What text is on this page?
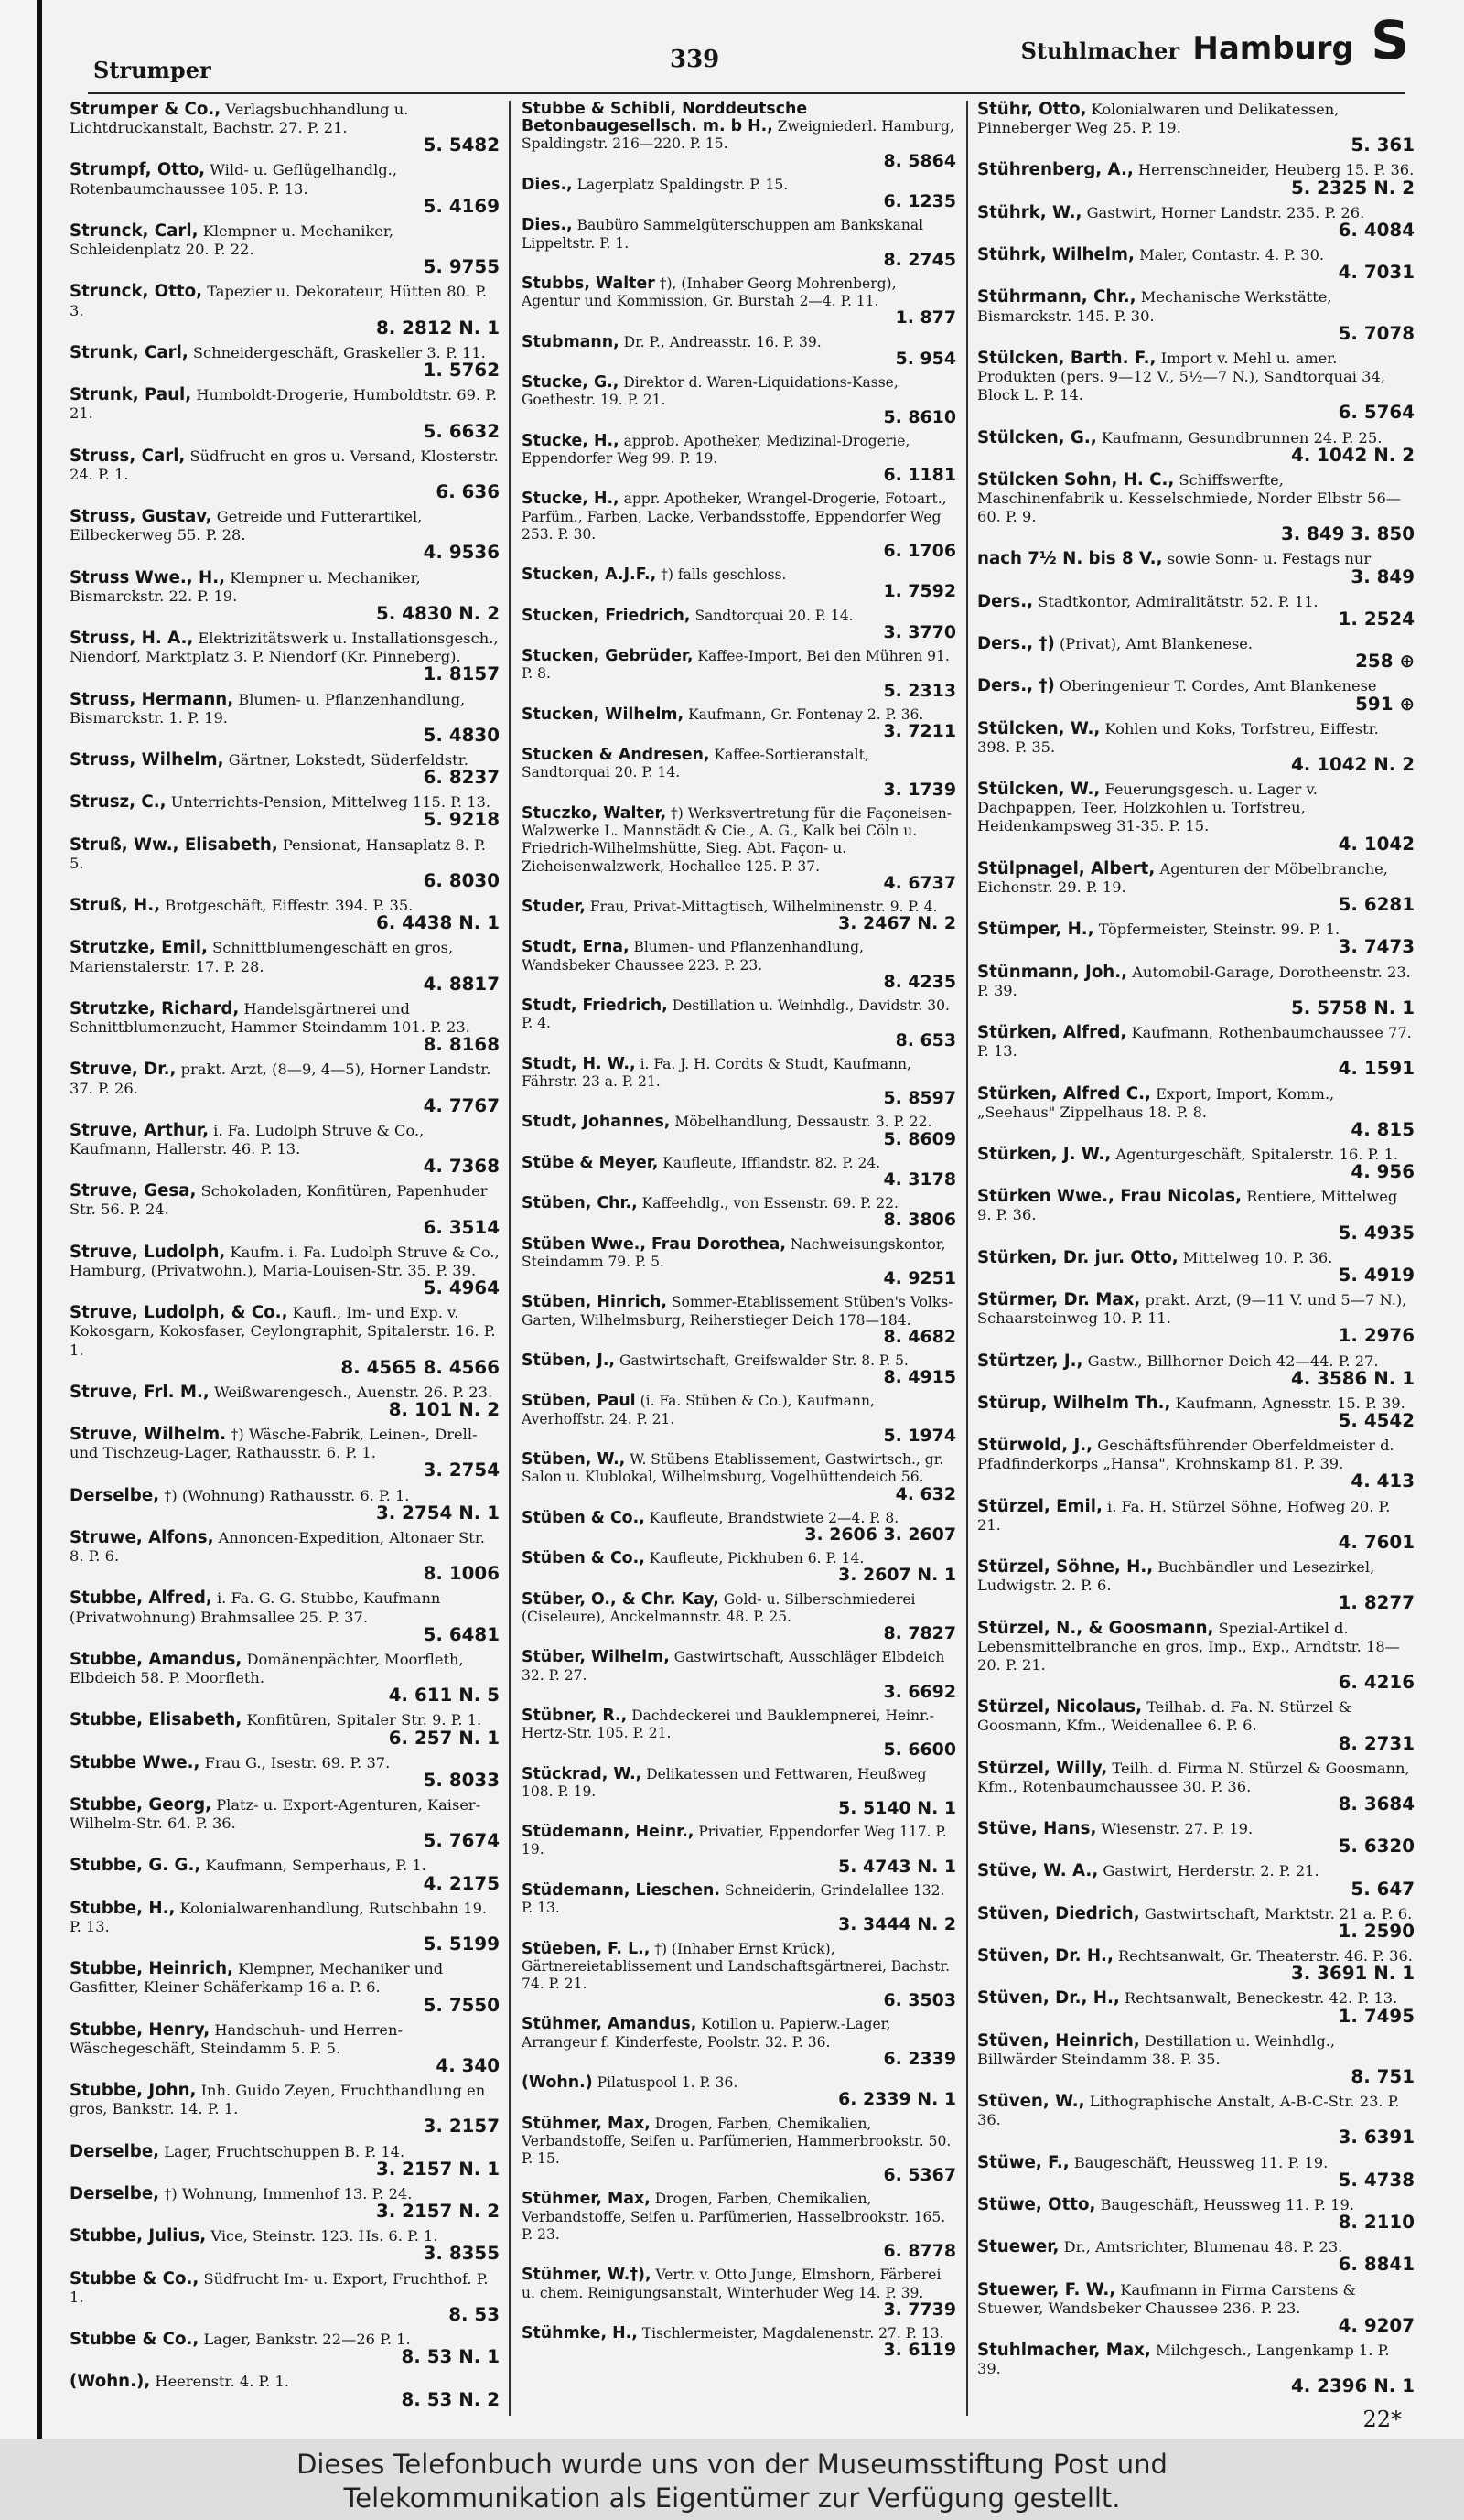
Strumper	339	Stuhlmacher Hamburg S
Strumper & Co., Verlagsbuchhandlung u. Lichtdruckanstalt, Bachstr. 27. P. 21.
5. 5482
Strumpf, Otto, Wild- u. Geflügelhandlg., Rotenbaumchaussee 105. P. 13.
5. 4169
Strunck, Carl, Klempner u. Mechaniker, Schleidenplatz 20. P. 22.
5. 9755
Strunck, Otto, Tapezier u. Dekorateur, Hütten 80. P. 3.
8. 2812 N. 1
Strunk, Carl, Schneidergeschäft, Graskeller 3. P. 11.
1. 5762
Strunk, Paul, Humboldt-Drogerie, Humboldtstr. 69. P. 21.
5. 6632
Struss, Carl, Südfrucht en gros u. Versand, Klosterstr. 24. P. 1.
6. 636
Struss, Gustav, Getreide und Futterartikel, Eilbeckerweg 55. P. 28.
4. 9536
Struss Wwe., H., Klempner u. Mechaniker, Bismarckstr. 22. P. 19.
5. 4830 N. 2
Struss, H. A., Elektrizitätswerk u. Installationsgesch., Niendorf, Marktplatz 3. P. Niendorf (Kr. Pinneberg).
1. 8157
Struss, Hermann, Blumen- u. Pflanzenhandlung, Bismarckstr. 1. P. 19.
5. 4830
Struss, Wilhelm, Gärtner, Lokstedt, Süderfeldstr.
6. 8237
Strusz, C., Unterrichts-Pension, Mittelweg 115. P. 13.
5. 9218
Struß, Ww., Elisabeth, Pensionat, Hansaplatz 8. P. 5.
6. 8030
Struß, H., Brotgeschäft, Eiffestr. 394. P. 35.
6. 4438 N. 1
Strutzke, Emil, Schnittblumengeschäft en gros, Marienstalerstr. 17. P. 28.
4. 8817
Strutzke, Richard, Handelsgärtnerei und Schnittblumenzucht, Hammer Steindamm 101. P. 23.
8. 8168
Struve, Dr., prakt. Arzt, (8—9, 4—5), Horner Landstr. 37. P. 26.
4. 7767
Struve, Arthur, i. Fa. Ludolph Struve & Co., Kaufmann, Hallerstr. 46. P. 13.
4. 7368
Struve, Gesa, Schokoladen, Konfitüren, Papenhuder Str. 56. P. 24.
6. 3514
Struve, Ludolph, Kaufm. i. Fa. Ludolph Struve & Co., Hamburg, (Privatwohn.), Maria-Louisen-Str. 35. P. 39.
5. 4964
Struve, Ludolph, & Co., Kaufl., Im- und Exp. v. Kokosgarn, Kokosfaser, Ceylongraphit, Spitalerstr. 16. P. 1.
8. 4565 8. 4566
Struve, Frl. M., Weißwarengesch., Auenstr. 26. P. 23.
8. 101 N. 2
Struve, Wilhelm. †) Wäsche-Fabrik, Leinen-, Drell- und Tischzeug-Lager, Rathausstr. 6. P. 1.
3. 2754
Derselbe, †) (Wohnung) Rathausstr. 6. P. 1.
3. 2754 N. 1
Struwe, Alfons, Annoncen-Expedition, Altonaer Str. 8. P. 6.
8. 1006
Stubbe, Alfred, i. Fa. G. G. Stubbe, Kaufmann (Privatwohnung) Brahmsallee 25. P. 37.
5. 6481
Stubbe, Amandus, Domänenpächter, Moorfleth, Elbdeich 58. P. Moorfleth.
4. 611 N. 5
Stubbe, Elisabeth, Konfitüren, Spitaler Str. 9. P. 1.
6. 257 N. 1
Stubbe Wwe., Frau G., Isestr. 69. P. 37.
5. 8033
Stubbe, Georg, Platz- u. Export-Agenturen, Kaiser-Wilhelm-Str. 64. P. 36.
5. 7674
Stubbe, G. G., Kaufmann, Semperhaus, P. 1.
4. 2175
Stubbe, H., Kolonialwarenhandlung, Rutschbahn 19. P. 13.
5. 5199
Stubbe, Heinrich, Klempner, Mechaniker und Gasfitter, Kleiner Schäferkamp 16 a. P. 6.
5. 7550
Stubbe, Henry, Handschuh- und Herren-Wäschegeschäft, Steindamm 5. P. 5.
4. 340
Stubbe, John, Inh. Guido Zeyen, Fruchthandlung en gros, Bankstr. 14. P. 1.
3. 2157
Derselbe, Lager, Fruchtschuppen B. P. 14.
3. 2157 N. 1
Derselbe, †) Wohnung, Immenhof 13. P. 24.
3. 2157 N. 2
Stubbe, Julius, Vice, Steinstr. 123. Hs. 6. P. 1.
3. 8355
Stubbe & Co., Südfrucht Im- u. Export, Fruchthof. P. 1.
8. 53
Stubbe & Co., Lager, Bankstr. 22—26 P. 1.
8. 53 N. 1
(Wohn.), Heerenstr. 4. P. 1.
8. 53 N. 2
Stubbe & Schibli, Norddeutsche Betonbaugesellsch. m. b H., Zweigniederl. Hamburg, Spaldingstr. 216—220. P. 15.
8. 5864
Dies., Lagerplatz Spaldingstr. P. 15.
6. 1235
Dies., Baubüro Sammelgüterschuppen am Bankskanal Lippeltstr. P. 1.
8. 2745
Stubbs, Walter †), (Inhaber Georg Mohrenberg), Agentur und Kommission, Gr. Burstah 2—4. P. 11.
1. 877
Stubmann, Dr. P., Andreasstr. 16. P. 39.
5. 954
Stucke, G., Direktor d. Waren-Liquidations-Kasse, Goethestr. 19. P. 21.
5. 8610
Stucke, H., approb. Apotheker, Medizinal-Drogerie, Eppendorfer Weg 99. P. 19.
6. 1181
Stucke, H., appr. Apotheker, Wrangel-Drogerie, Fotoart., Parfüm., Farben, Lacke, Verbandsstoffe, Eppendorfer Weg 253. P. 30.
6. 1706
Stucken, A.J.F., †) falls geschloss.
1. 7592
Stucken, Friedrich, Sandtorquai 20. P. 14.
3. 3770
Stucken, Gebrüder, Kaffee-Import, Bei den Mühren 91. P. 8.
5. 2313
Stucken, Wilhelm, Kaufmann, Gr. Fontenay 2. P. 36.
3. 7211
Stucken & Andresen, Kaffee-Sortieranstalt, Sandtorquai 20. P. 14.
3. 1739
Stuczko, Walter, †) Werksvertretung für die Façoneisen-Walzwerke L. Mannstädt & Cie., A. G., Kalk bei Cöln u. Friedrich-Wilhelmshütte, Sieg. Abt. Façon- u. Zieheisenwalzwerk, Hochallee 125. P. 37.
4. 6737
Studer, Frau, Privat-Mittagtisch, Wilhelminenstr. 9. P. 4.
3. 2467 N. 2
Studt, Erna, Blumen- und Pflanzenhandlung, Wandsbeker Chaussee 223. P. 23.
8. 4235
Studt, Friedrich, Destillation u. Weinhdlg., Davidstr. 30. P. 4.
8. 653
Studt, H. W., i. Fa. J. H. Cordts & Studt, Kaufmann, Fährstr. 23 a. P. 21.
5. 8597
Studt, Johannes, Möbelhandlung, Dessaustr. 3. P. 22.
5. 8609
Stübe & Meyer, Kaufleute, Ifflandstr. 82. P. 24.
4. 3178
Stüben, Chr., Kaffeehdlg., von Essenstr. 69. P. 22.
8. 3806
Stüben Wwe., Frau Dorothea, Nachweisungskontor, Steindamm 79. P. 5.
4. 9251
Stüben, Hinrich, Sommer-Etablissement Stüben's Volks-Garten, Wilhelmsburg, Reiherstieger Deich 178—184.
8. 4682
Stüben, J., Gastwirtschaft, Greifswalder Str. 8. P. 5.
8. 4915
Stüben, Paul (i. Fa. Stüben & Co.), Kaufmann, Averhoffstr. 24. P. 21.
5. 1974
Stüben, W., W. Stübens Etablissement, Gastwirtsch., gr. Salon u. Klublokal, Wilhelmsburg, Vogelhüttendeich 56.
4. 632
Stüben & Co., Kaufleute, Brandstwiete 2—4. P. 8.
3. 2606 3. 2607
Stüben & Co., Kaufleute, Pickhuben 6. P. 14.
3. 2607 N. 1
Stüber, O., & Chr. Kay, Gold- u. Silberschmiederei (Ciseleure), Anckelmannstr. 48. P. 25.
8. 7827
Stüber, Wilhelm, Gastwirtschaft, Ausschläger Elbdeich 32. P. 27.
3. 6692
Stübner, R., Dachdeckerei und Bauklempnerei, Heinr.-Hertz-Str. 105. P. 21.
5. 6600
Stückrad, W., Delikatessen und Fettwaren, Heußweg 108. P. 19.
5. 5140 N. 1
Stüdemann, Heinr., Privatier, Eppendorfer Weg 117. P. 19.
5. 4743 N. 1
Stüdemann, Lieschen. Schneiderin, Grindelallee 132. P. 13.
3. 3444 N. 2
Stüeben, F. L., †) (Inhaber Ernst Krück), Gärtnereietablissement und Landschaftsgärtnerei, Bachstr. 74. P. 21.
6. 3503
Stühmer, Amandus, Kotillon u. Papierw.-Lager, Arrangeur f. Kinderfeste, Poolstr. 32. P. 36.
6. 2339
(Wohn.) Pilatuspool 1. P. 36.
6. 2339 N. 1
Stühmer, Max, Drogen, Farben, Chemikalien, Verbandstoffe, Seifen u. Parfümerien, Hammerbrookstr. 50. P. 15.
6. 5367
Stühmer, Max, Drogen, Farben, Chemikalien, Verbandstoffe, Seifen u. Parfümerien, Hasselbrookstr. 165. P. 23.
6. 8778
Stühmer, W.†), Vertr. v. Otto Junge, Elmshorn, Färberei u. chem. Reinigungsanstalt, Winterhuder Weg 14. P. 39.
3. 7739
Stühmke, H., Tischlermeister, Magdalenenstr. 27. P. 13.
3. 6119
Stühr, Otto, Kolonialwaren und Delikatessen, Pinneberger Weg 25. P. 19.
5. 361
Stührenberg, A., Herrenschneider, Heuberg 15. P. 36.
5. 2325 N. 2
Stührk, W., Gastwirt, Horner Landstr. 235. P. 26.
6. 4084
Stührk, Wilhelm, Maler, Contastr. 4. P. 30.
4. 7031
Stührmann, Chr., Mechanische Werkstätte, Bismarckstr. 145. P. 30.
5. 7078
Stülcken, Barth. F., Import v. Mehl u. amer. Produkten (pers. 9—12 V., 5½—7 N.), Sandtorquai 34, Block L. P. 14.
6. 5764
Stülcken, G., Kaufmann, Gesundbrunnen 24. P. 25.
4. 1042 N. 2
Stülcken Sohn, H. C., Schiffswerfte, Maschinenfabrik u. Kesselschmiede, Norder Elbstr 56—60. P. 9.
3. 849 3. 850
nach 7½ N. bis 8 V., sowie Sonn- u. Festags nur
3. 849
Ders., Stadtkontor, Admiralitätstr. 52. P. 11.
1. 2524
Ders., †) (Privat), Amt Blankenese.
258 ⊕
Ders., †) Oberingenieur T. Cordes, Amt Blankenese
591 ⊕
Stülcken, W., Kohlen und Koks, Torfstreu, Eiffestr. 398. P. 35.
4. 1042 N. 2
Stülcken, W., Feuerungsgesch. u. Lager v. Dachpappen, Teer, Holzkohlen u. Torfstreu, Heidenkampsweg 31-35. P. 15.
4. 1042
Stülpnagel, Albert, Agenturen der Möbelbranche, Eichenstr. 29. P. 19.
5. 6281
Stümper, H., Töpfermeister, Steinstr. 99. P. 1.
3. 7473
Stünmann, Joh., Automobil-Garage, Dorotheenstr. 23. P. 39.
5. 5758 N. 1
Stürken, Alfred, Kaufmann, Rothenbaumchaussee 77. P. 13.
4. 1591
Stürken, Alfred C., Export, Import, Komm., „Seehaus" Zippelhaus 18. P. 8.
4. 815
Stürken, J. W., Agenturgeschäft, Spitalerstr. 16. P. 1.
4. 956
Stürken Wwe., Frau Nicolas, Rentiere, Mittelweg 9. P. 36.
5. 4935
Stürken, Dr. jur. Otto, Mittelweg 10. P. 36.
5. 4919
Stürmer, Dr. Max, prakt. Arzt, (9—11 V. und 5—7 N.), Schaarsteinweg 10. P. 11.
1. 2976
Stürtzer, J., Gastw., Billhorner Deich 42—44. P. 27.
4. 3586 N. 1
Stürup, Wilhelm Th., Kaufmann, Agnesstr. 15. P. 39.
5. 4542
Stürwold, J., Geschäftsführender Oberfeldmeister d. Pfadfinderkorps „Hansa", Krohnskamp 81. P. 39.
4. 413
Stürzel, Emil, i. Fa. H. Stürzel Söhne, Hofweg 20. P. 21.
4. 7601
Stürzel, Söhne, H., Buchbändler und Lesezirkel, Ludwigstr. 2. P. 6.
1. 8277
Stürzel, N., & Goosmann, Spezial-Artikel d. Lebensmittelbranche en gros, Imp., Exp., Arndtstr. 18—20. P. 21.
6. 4216
Stürzel, Nicolaus, Teilhab. d. Fa. N. Stürzel & Goosmann, Kfm., Weidenallee 6. P. 6.
8. 2731
Stürzel, Willy, Teilh. d. Firma N. Stürzel & Goosmann, Kfm., Rotenbaumchaussee 30. P. 36.
8. 3684
Stüve, Hans, Wiesenstr. 27. P. 19.
5. 6320
Stüve, W. A., Gastwirt, Herderstr. 2. P. 21.
5. 647
Stüven, Diedrich, Gastwirtschaft, Marktstr. 21 a. P. 6.
1. 2590
Stüven, Dr. H., Rechtsanwalt, Gr. Theaterstr. 46. P. 36.
3. 3691 N. 1
Stüven, Dr., H., Rechtsanwalt, Beneckestr. 42. P. 13.
1. 7495
Stüven, Heinrich, Destillation u. Weinhdlg., Billwärder Steindamm 38. P. 35.
8. 751
Stüven, W., Lithographische Anstalt, A-B-C-Str. 23. P. 36.
3. 6391
Stüwe, F., Baugeschäft, Heussweg 11. P. 19.
5. 4738
Stüwe, Otto, Baugeschäft, Heussweg 11. P. 19.
8. 2110
Stuewer, Dr., Amtsrichter, Blumenau 48. P. 23.
6. 8841
Stuewer, F. W., Kaufmann in Firma Carstens & Stuewer, Wandsbeker Chaussee 236. P. 23.
4. 9207
Stuhlmacher, Max, Milchgesch., Langenkamp 1. P. 39.
4. 2396 N. 1
22*
Dieses Telefonbuch wurde uns von der Museumsstiftung Post und
Telekommunikation als Eigentümer zur Verfügung gestellt.
